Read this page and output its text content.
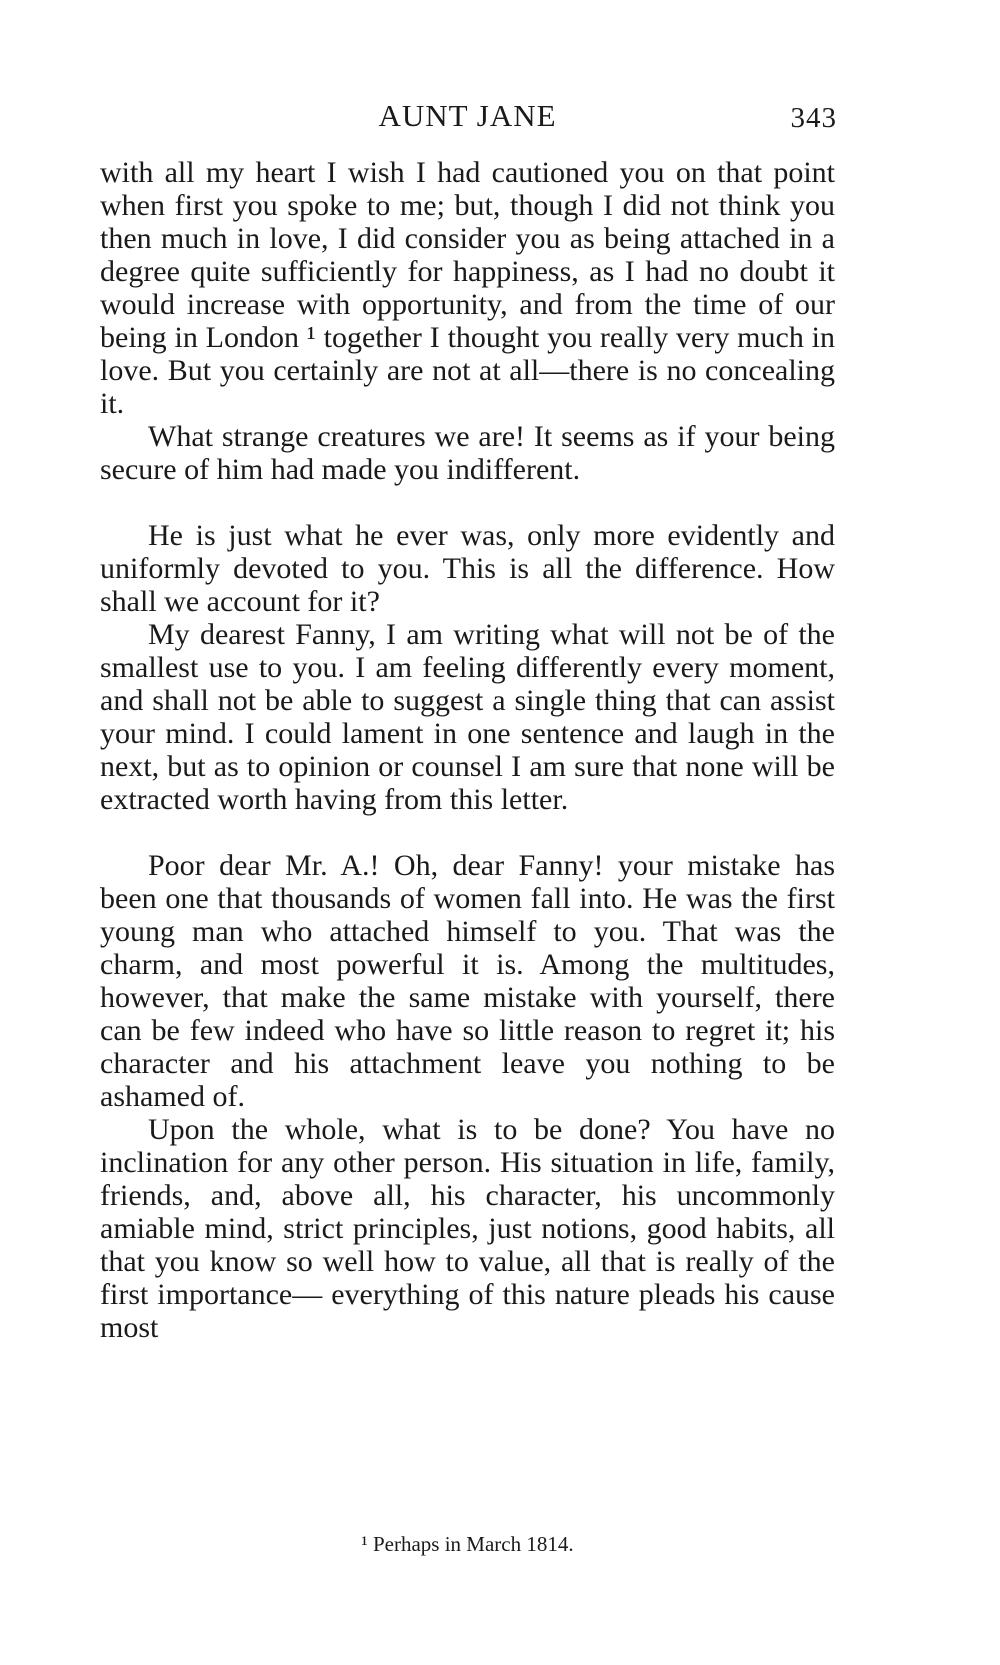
AUNT JANE	343

with all my heart I wish I had cautioned you on that point when first you spoke to me; but, though I did not think you then much in love, I did consider you as being attached in a degree quite sufficiently for happiness, as I had no doubt it would increase with opportunity, and from the time of our being in London ¹ together I thought you really very much in love. But you certainly are not at all—there is no concealing it.

What strange creatures we are! It seems as if your being secure of him had made you indifferent.

He is just what he ever was, only more evidently and uniformly devoted to you. This is all the difference. How shall we account for it?

My dearest Fanny, I am writing what will not be of the smallest use to you. I am feeling differently every moment, and shall not be able to suggest a single thing that can assist your mind. I could lament in one sentence and laugh in the next, but as to opinion or counsel I am sure that none will be extracted worth having from this letter.

Poor dear Mr. A.! Oh, dear Fanny! your mistake has been one that thousands of women fall into. He was the first young man who attached himself to you. That was the charm, and most powerful it is. Among the multitudes, however, that make the same mistake with yourself, there can be few indeed who have so little reason to regret it; his character and his attachment leave you nothing to be ashamed of.

Upon the whole, what is to be done? You have no inclination for any other person. His situation in life, family, friends, and, above all, his character, his uncommonly amiable mind, strict principles, just notions, good habits, all that you know so well how to value, all that is really of the first importance— everything of this nature pleads his cause most

¹ Perhaps in March 1814.
